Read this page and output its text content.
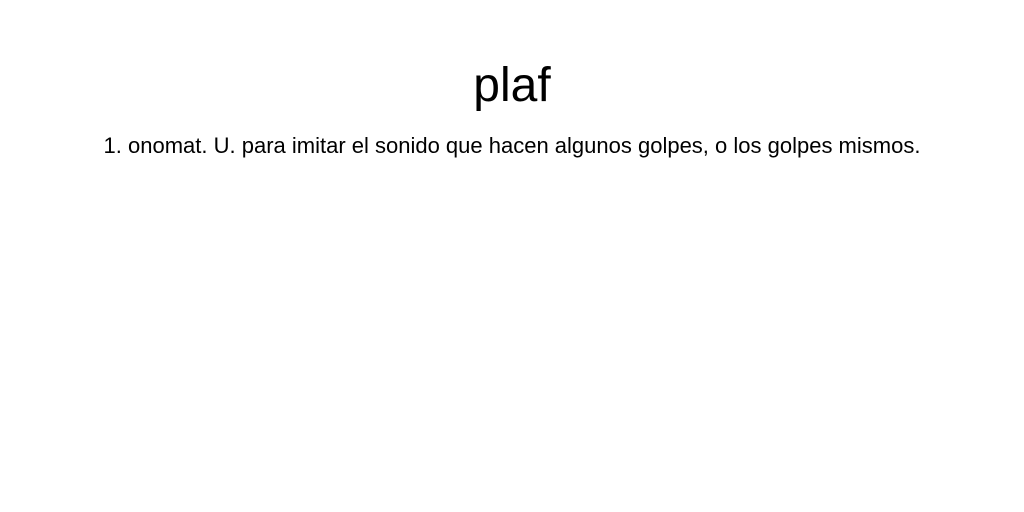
plaf

1. onomat. U. para imitar el sonido que hacen algunos golpes, o los golpes mismos.
